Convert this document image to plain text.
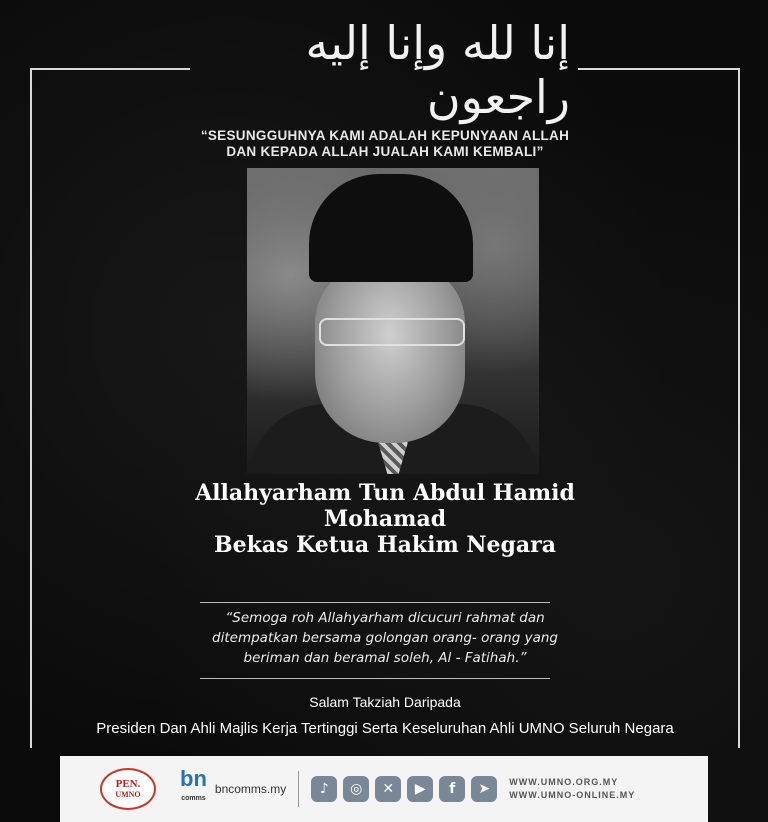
إنا لله وإنا إليه راجعون
“SESUNGGUHNYA KAMI ADALAH KEPUNYAAN ALLAH
DAN KEPADA ALLAH JUALAH KAMI KEMBALI”
Allahyarham Tun Abdul Hamid
Mohamad
Bekas Ketua Hakim Negara
“Semoga roh Allahyarham dicucuri rahmat dan
ditempatkan bersama golongan orang- orang yang
beriman dan beramal soleh, Al - Fatihah.”
Salam Takziah Daripada
Presiden Dan Ahli Majlis Kerja Tertinggi Serta Keseluruhan Ahli UMNO Seluruh Negara
PEN.
UMNO
bn
comms
bncomms.my	♪	◎	✕	▶	f	➤	WWW.UMNO.ORG.MY
WWW.UMNO-ONLINE.MY
